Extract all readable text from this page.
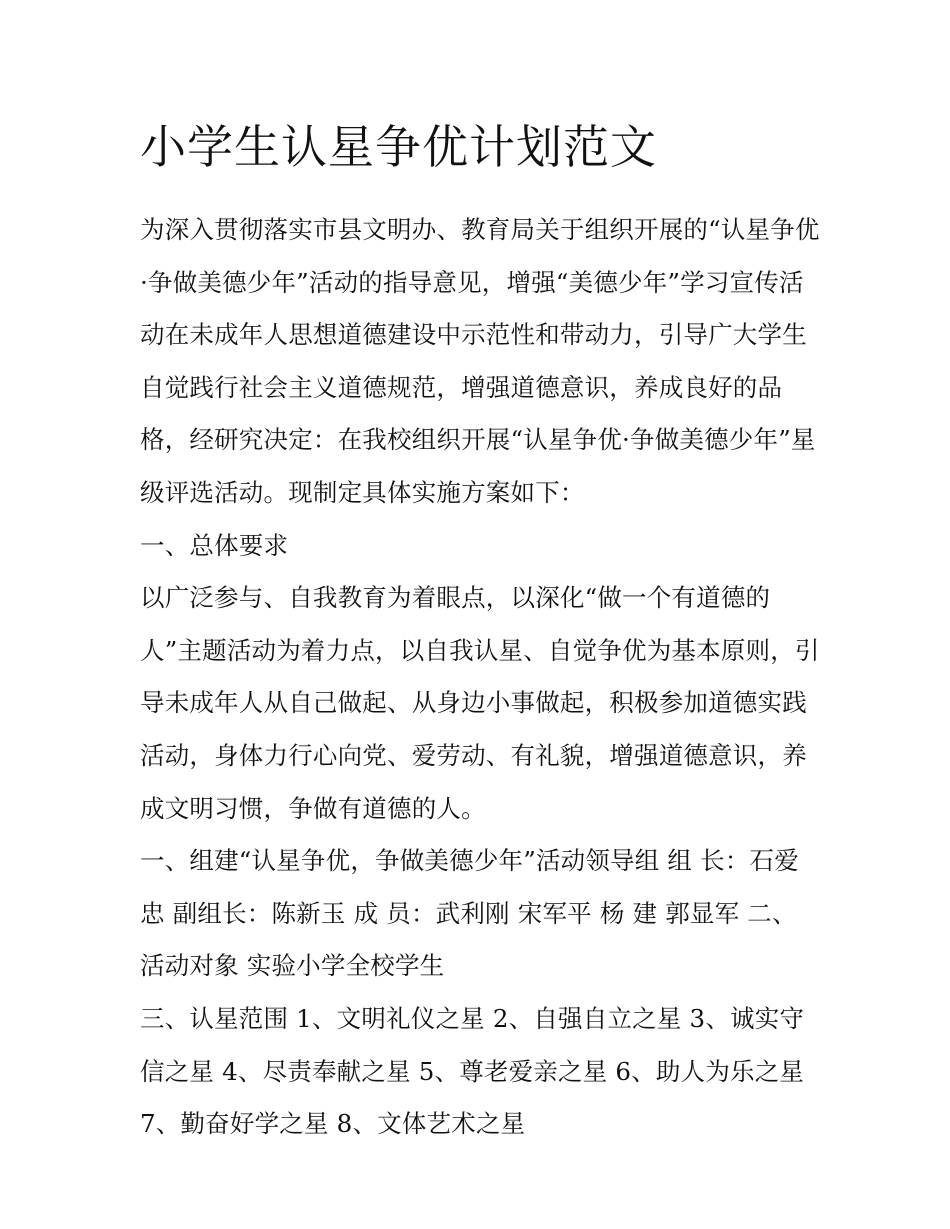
小学生认星争优计划范文

为深入贯彻落实市县文明办、教育局关于组织开展的“认星争优·争做美德少年”活动的指导意见，增强“美德少年”学习宣传活动在未成年人思想道德建设中示范性和带动力，引导广大学生自觉践行社会主义道德规范，增强道德意识，养成良好的品格，经研究决定：在我校组织开展“认星争优·争做美德少年”星级评选活动。现制定具体实施方案如下：

一、总体要求

以广泛参与、自我教育为着眼点，以深化“做一个有道德的人”主题活动为着力点，以自我认星、自觉争优为基本原则，引导未成年人从自己做起、从身边小事做起，积极参加道德实践活动，身体力行心向党、爱劳动、有礼貌，增强道德意识，养成文明习惯，争做有道德的人。

一、组建“认星争优，争做美德少年”活动领导组 组 长：石爱忠 副组长：陈新玉 成 员：武利刚 宋军平 杨 建 郭显军 二、活动对象 实验小学全校学生

三、认星范围 1、文明礼仪之星 2、自强自立之星 3、诚实守信之星 4、尽责奉献之星 5、尊老爱亲之星 6、助人为乐之星 7、勤奋好学之星 8、文体艺术之星
